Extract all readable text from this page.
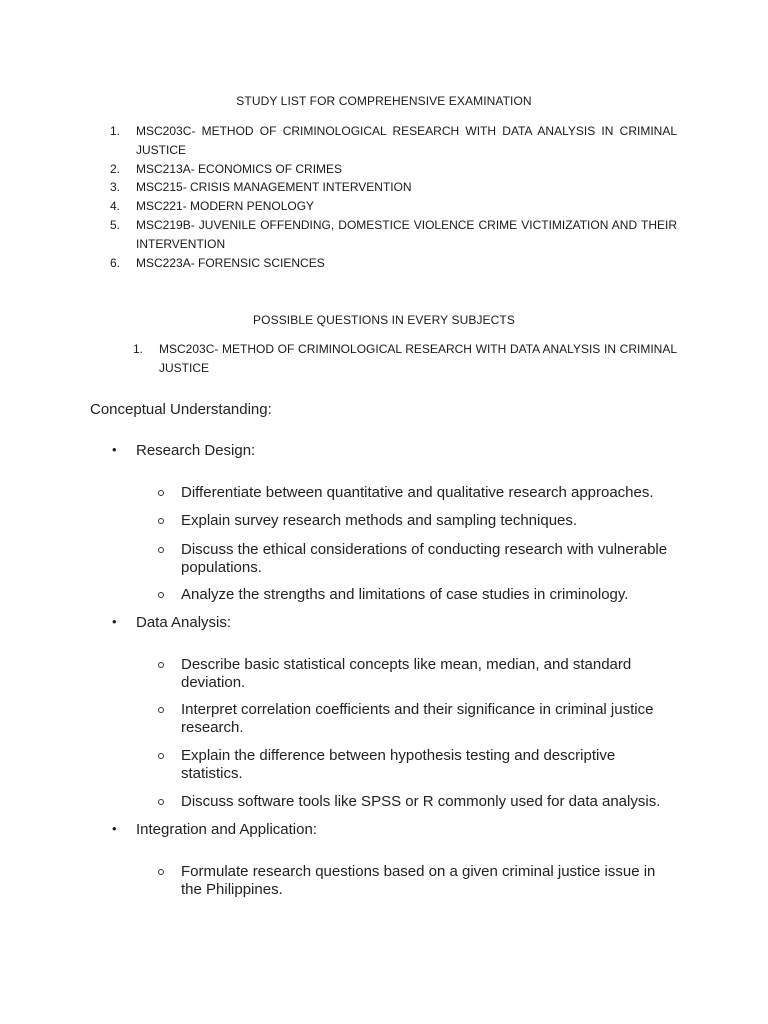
STUDY LIST FOR COMPREHENSIVE EXAMINATION
1.	MSC203C- METHOD OF CRIMINOLOGICAL RESEARCH WITH DATA ANALYSIS IN CRIMINAL JUSTICE
2.	MSC213A- ECONOMICS OF CRIMES
3.	MSC215- CRISIS MANAGEMENT INTERVENTION
4.	MSC221- MODERN PENOLOGY
5.	MSC219B- JUVENILE OFFENDING, DOMESTICE VIOLENCE CRIME VICTIMIZATION AND THEIR INTERVENTION
6.	MSC223A- FORENSIC SCIENCES
POSSIBLE QUESTIONS IN EVERY SUBJECTS
1.	MSC203C- METHOD OF CRIMINOLOGICAL RESEARCH WITH DATA ANALYSIS IN CRIMINAL JUSTICE
Conceptual Understanding:
•	Research Design:
Differentiate between quantitative and qualitative research approaches.
Explain survey research methods and sampling techniques.
Discuss the ethical considerations of conducting research with vulnerable populations.
Analyze the strengths and limitations of case studies in criminology.
•	Data Analysis:
Describe basic statistical concepts like mean, median, and standard deviation.
Interpret correlation coefficients and their significance in criminal justice research.
Explain the difference between hypothesis testing and descriptive statistics.
Discuss software tools like SPSS or R commonly used for data analysis.
•	Integration and Application:
Formulate research questions based on a given criminal justice issue in the Philippines.
